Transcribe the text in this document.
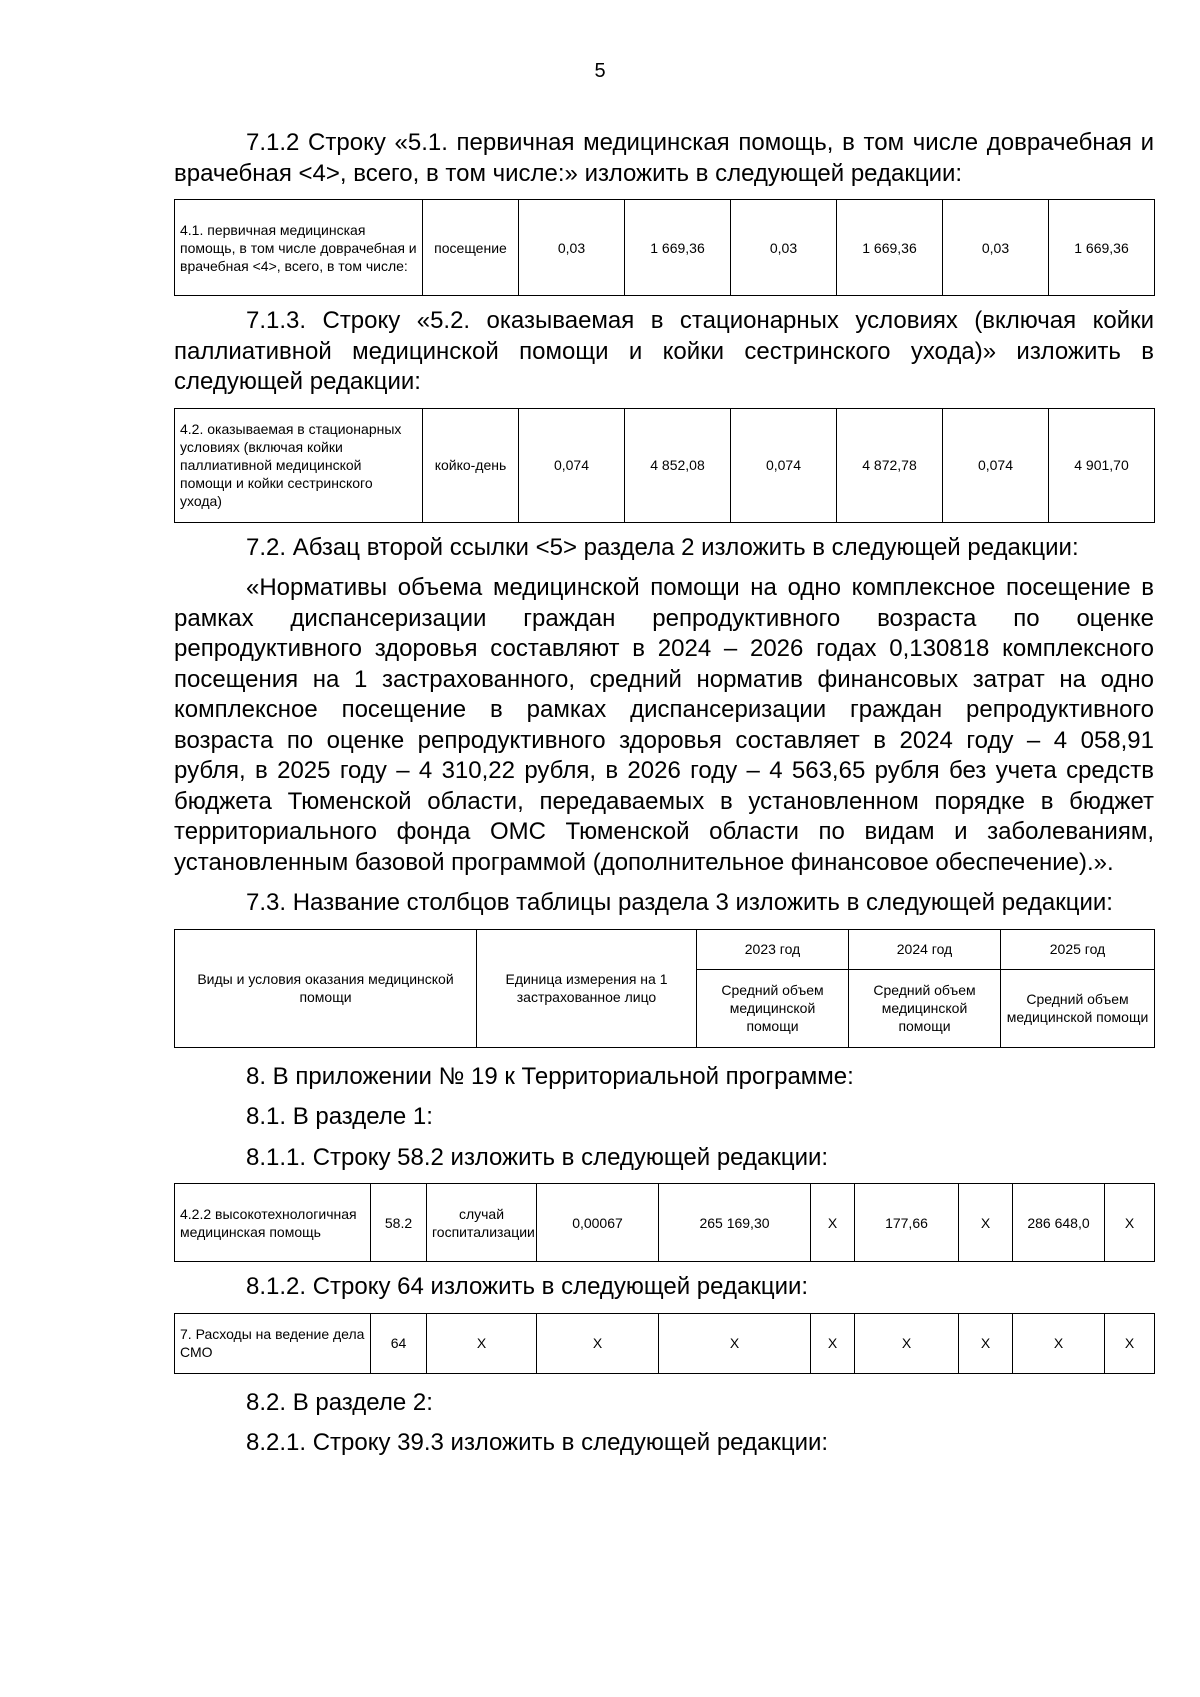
5

7.1.2 Строку «5.1. первичная медицинская помощь, в том числе доврачебная и врачебная <4>, всего, в том числе:» изложить в следующей редакции:

4.1. первичная медицинская помощь, в том числе доврачебная и врачебная <4>, всего, в том числе:	посещение	0,03	1 669,36	0,03	1 669,36	0,03	1 669,36

7.1.3. Строку «5.2. оказываемая в стационарных условиях (включая койки паллиативной медицинской помощи и койки сестринского ухода)» изложить в следующей редакции:

4.2. оказываемая в стационарных условиях (включая койки паллиативной медицинской помощи и койки сестринского ухода)	койко-день	0,074	4 852,08	0,074	4 872,78	0,074	4 901,70

7.2. Абзац второй ссылки <5> раздела 2 изложить в следующей редакции:

«Нормативы объема медицинской помощи на одно комплексное посещение в рамках диспансеризации граждан репродуктивного возраста по оценке репродуктивного здоровья составляют в 2024 – 2026 годах 0,130818 комплексного посещения на 1 застрахованного, средний норматив финансовых затрат на одно комплексное посещение в рамках диспансеризации граждан репродуктивного возраста по оценке репродуктивного здоровья составляет в 2024 году – 4 058,91 рубля, в 2025 году – 4 310,22 рубля, в 2026 году – 4 563,65 рубля без учета средств бюджета Тюменской области, передаваемых в установленном порядке в бюджет территориального фонда ОМС Тюменской области по видам и заболеваниям, установленным базовой программой (дополнительное финансовое обеспечение).».

7.3. Название столбцов таблицы раздела 3 изложить в следующей редакции:

Виды и условия оказания медицинской помощи	Единица измерения на 1 застрахованное лицо	2023 год	2024 год	2025 год
		Средний объем медицинской помощи	Средний объем медицинской помощи	Средний объем медицинской помощи

8. В приложении № 19 к Территориальной программе:

8.1. В разделе 1:

8.1.1. Строку 58.2 изложить в следующей редакции:

4.2.2 высокотехнологичная медицинская помощь	58.2	случай госпитализации	0,00067	265 169,30	Х	177,66	Х	286 648,0	Х

8.1.2. Строку 64 изложить в следующей редакции:

7. Расходы на ведение дела СМО	64	Х	Х	Х	Х	Х	Х	Х	Х

8.2. В разделе 2:

8.2.1. Строку 39.3 изложить в следующей редакции:
